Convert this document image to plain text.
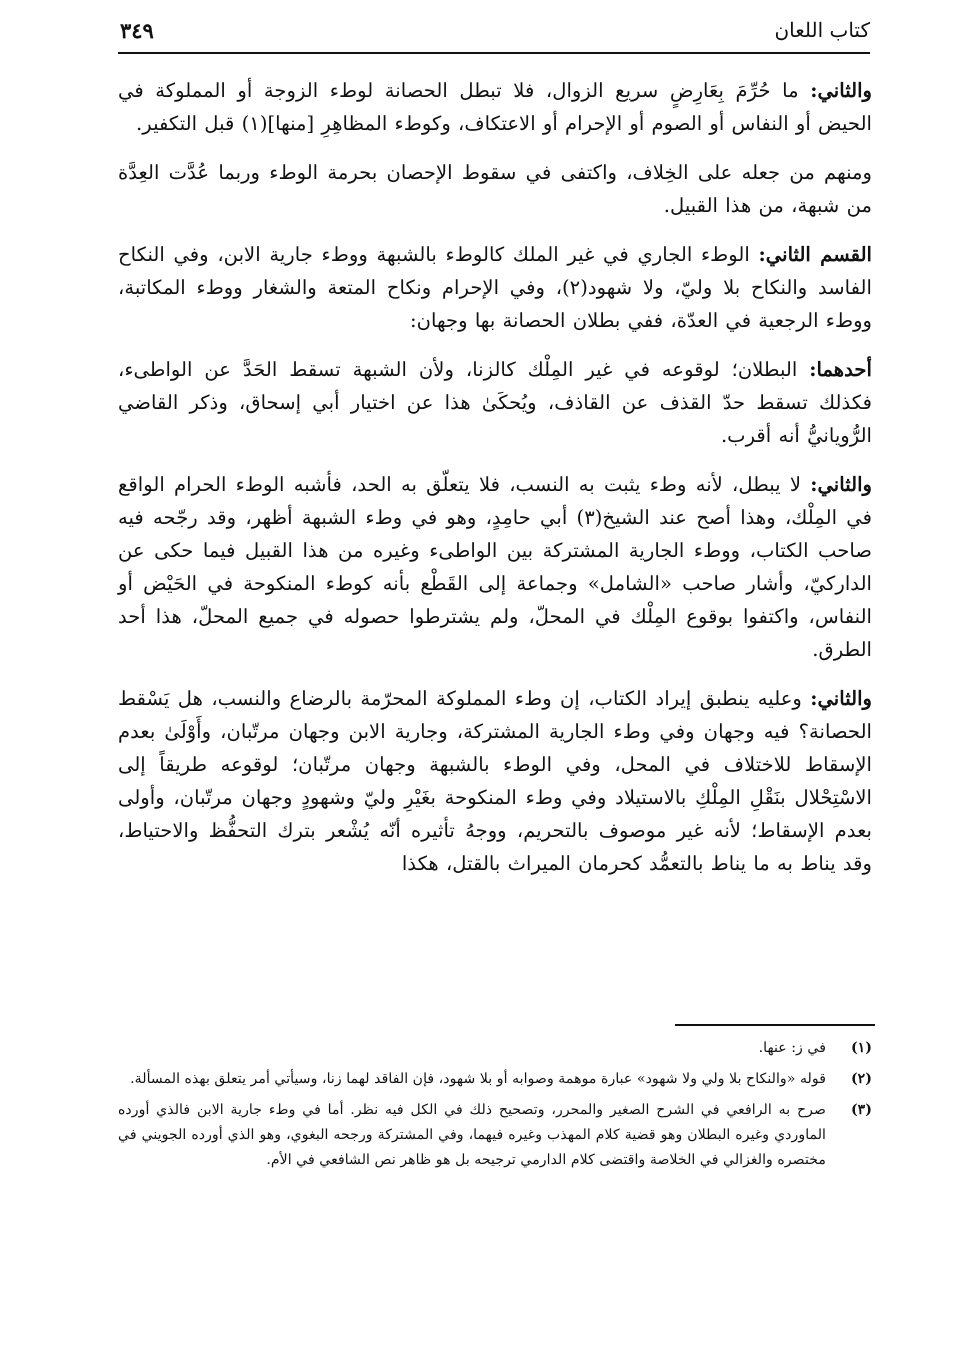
كتاب اللعان
٣٤٩

والثاني: ما حُرِّمَ بِعَارِضٍ سريع الزوال، فلا تبطل الحصانة لوطء الزوجة أو المملوكة في الحيض أو النفاس أو الصوم أو الإحرام أو الاعتكاف، وكوطء المظاهِرِ [منها](١) قبل التكفير.

ومنهم من جعله على الخِلاف، واكتفى في سقوط الإحصان بحرمة الوطء وربما عُدَّت العِدَّة من شبهة، من هذا القبيل.

القسم الثاني: الوطء الجاري في غير الملك كالوطء بالشبهة ووطء جارية الابن، وفي النكاح الفاسد والنكاح بلا وليّ، ولا شهود(٢)، وفي الإحرام ونكاح المتعة والشغار ووطء المكاتبة، ووطء الرجعية في العدّة، ففي بطلان الحصانة بها وجهان:

أحدهما: البطلان؛ لوقوعه في غير المِلْك كالزنا، ولأن الشبهة تسقط الحَدَّ عن الواطىء، فكذلك تسقط حدّ القذف عن القاذف، ويُحكَىٰ هذا عن اختيار أبي إسحاق، وذكر القاضي الرُّويانيُّ أنه أقرب.

والثاني: لا يبطل، لأنه وطء يثبت به النسب، فلا يتعلّق به الحد، فأشبه الوطء الحرام الواقع في المِلْك، وهذا أصح عند الشيخ(٣) أبي حامِدٍ، وهو في وطء الشبهة أظهر، وقد رجّحه فيه صاحب الكتاب، ووطء الجارية المشتركة بين الواطىء وغيره من هذا القبيل فيما حكى عن الداركيّ، وأشار صاحب «الشامل» وجماعة إلى القَطْع بأنه كوطء المنكوحة في الحَيْض أو النفاس، واكتفوا بوقوع المِلْك في المحلّ، ولم يشترطوا حصوله في جميع المحلّ، هذا أحد الطرق.

والثاني: وعليه ينطبق إيراد الكتاب، إن وطء المملوكة المحرّمة بالرضاع والنسب، هل يَسْقط الحصانة؟ فيه وجهان وفي وطء الجارية المشتركة، وجارية الابن وجهان مرتّبان، وأَوْلَىٰ بعدم الإسقاط للاختلاف في المحل، وفي الوطء بالشبهة وجهان مرتّبان؛ لوقوعه طريقاً إلى الاسْتِحْلال بنَقْلِ المِلْكِ بالاستيلاد وفي وطء المنكوحة بغَيْرِ وليّ وشهودٍ وجهان مرتّبان، وأولى بعدم الإسقاط؛ لأنه غير موصوف بالتحريم، ووجهُ تأثيره أنّه يُشْعر بترك التحفُّظ والاحتياط، وقد يناط به ما يناط بالتعمُّد كحرمان الميراث بالقتل، هكذا

(١)
في ز: عنها.
(٢)
قوله «والنكاح بلا ولي ولا شهود» عبارة موهمة وصوابه أو بلا شهود، فإن الفاقد لهما زنا، وسيأتي أمر يتعلق بهذه المسألة.
(٣)
صرح به الرافعي في الشرح الصغير والمحرر، وتصحيح ذلك في الكل فيه نظر. أما في وطء جارية الابن فالذي أورده الماوردي وغيره البطلان وهو قضية كلام المهذب وغيره فيهما، وفي المشتركة ورجحه البغوي، وهو الذي أورده الجويني في مختصره والغزالي في الخلاصة واقتضى كلام الدارمي ترجيحه بل هو ظاهر نص الشافعي في الأم.
